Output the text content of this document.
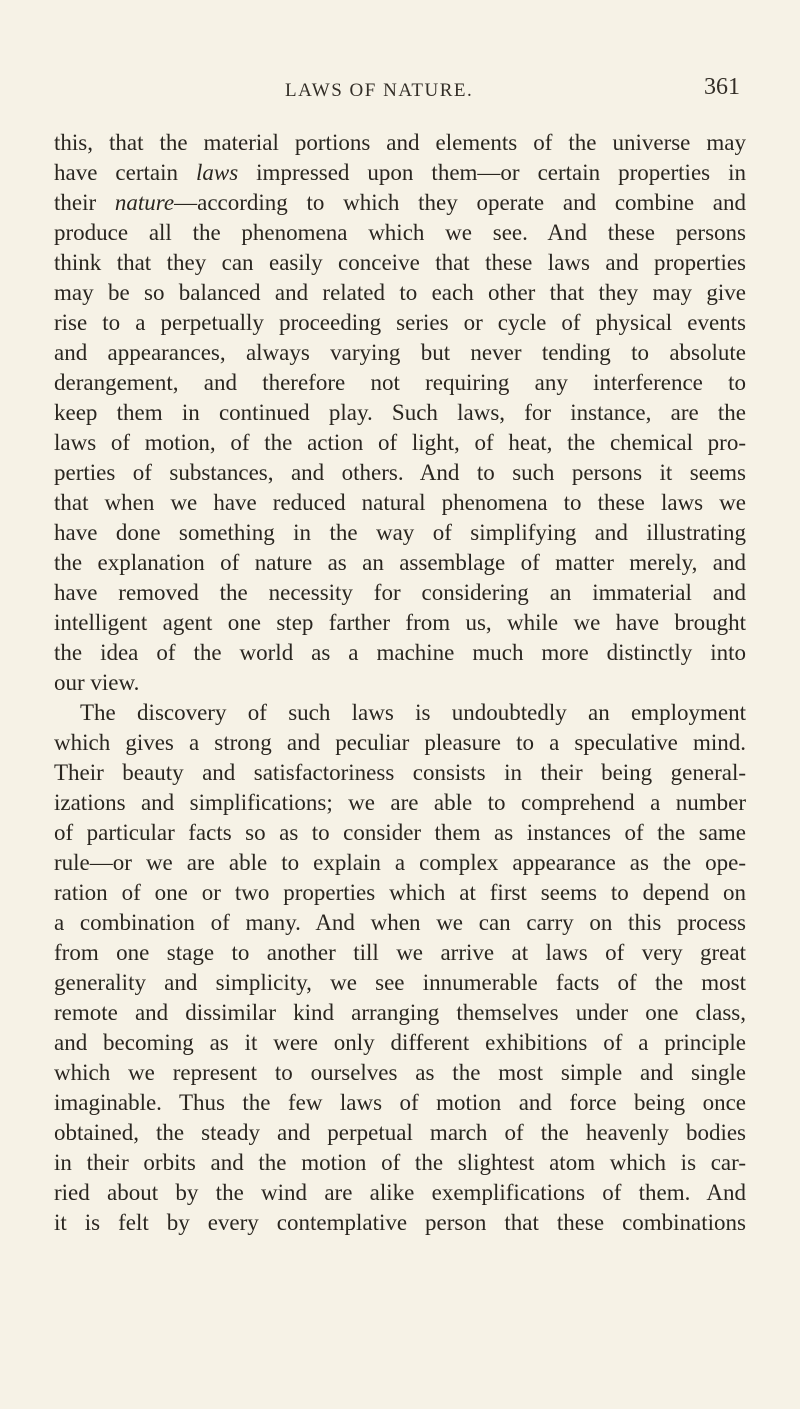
LAWS OF NATURE.	361
this, that the material portions and elements of the universe may
have certain laws impressed upon them—or certain properties in
their nature—according to which they operate and combine and
produce all the phenomena which we see. And these persons
think that they can easily conceive that these laws and properties
may be so balanced and related to each other that they may give
rise to a perpetually proceeding series or cycle of physical events
and appearances, always varying but never tending to absolute
derangement, and therefore not requiring any interference to
keep them in continued play. Such laws, for instance, are the
laws of motion, of the action of light, of heat, the chemical pro-
perties of substances, and others. And to such persons it seems
that when we have reduced natural phenomena to these laws we
have done something in the way of simplifying and illustrating
the explanation of nature as an assemblage of matter merely, and
have removed the necessity for considering an immaterial and
intelligent agent one step farther from us, while we have brought
the idea of the world as a machine much more distinctly into
our view.
The discovery of such laws is undoubtedly an employment
which gives a strong and peculiar pleasure to a speculative mind.
Their beauty and satisfactoriness consists in their being general-
izations and simplifications; we are able to comprehend a number
of particular facts so as to consider them as instances of the same
rule—or we are able to explain a complex appearance as the ope-
ration of one or two properties which at first seems to depend on
a combination of many. And when we can carry on this process
from one stage to another till we arrive at laws of very great
generality and simplicity, we see innumerable facts of the most
remote and dissimilar kind arranging themselves under one class,
and becoming as it were only different exhibitions of a principle
which we represent to ourselves as the most simple and single
imaginable. Thus the few laws of motion and force being once
obtained, the steady and perpetual march of the heavenly bodies
in their orbits and the motion of the slightest atom which is car-
ried about by the wind are alike exemplifications of them. And
it is felt by every contemplative person that these combinations
